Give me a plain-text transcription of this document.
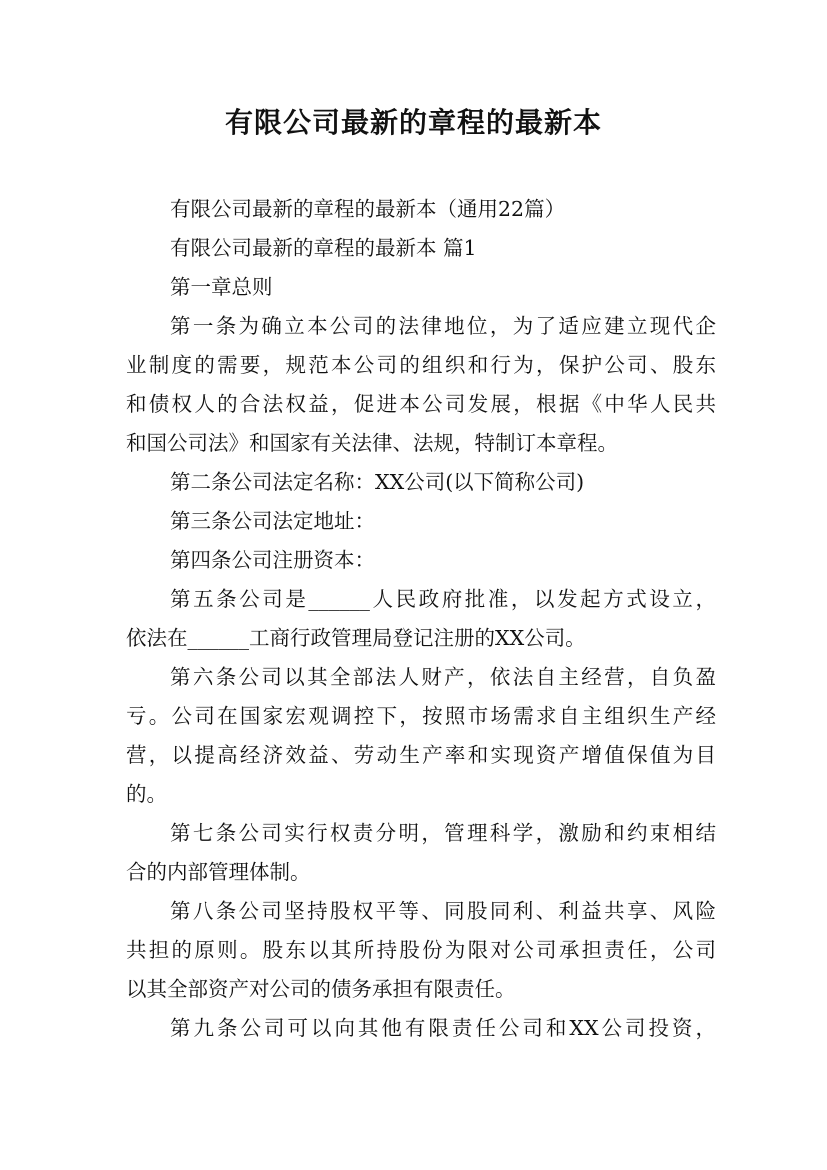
有限公司最新的章程的最新本

有限公司最新的章程的最新本（通用22篇）

有限公司最新的章程的最新本 篇1

第一章总则

第一条为确立本公司的法律地位，为了适应建立现代企

业制度的需要，规范本公司的组织和行为，保护公司、股东

和债权人的合法权益，促进本公司发展，根据《中华人民共

和国公司法》和国家有关法律、法规，特制订本章程。

第二条公司法定名称：XX公司(以下简称公司)

第三条公司法定地址：

第四条公司注册资本：

第五条公司是______人民政府批准，以发起方式设立，

依法在______工商行政管理局登记注册的XX公司。

第六条公司以其全部法人财产，依法自主经营，自负盈

亏。公司在国家宏观调控下，按照市场需求自主组织生产经

营，以提高经济效益、劳动生产率和实现资产增值保值为目

的。

第七条公司实行权责分明，管理科学，激励和约束相结

合的内部管理体制。

第八条公司坚持股权平等、同股同利、利益共享、风险

共担的原则。股东以其所持股份为限对公司承担责任，公司

以其全部资产对公司的债务承担有限责任。

第九条公司可以向其他有限责任公司和XX公司投资，
